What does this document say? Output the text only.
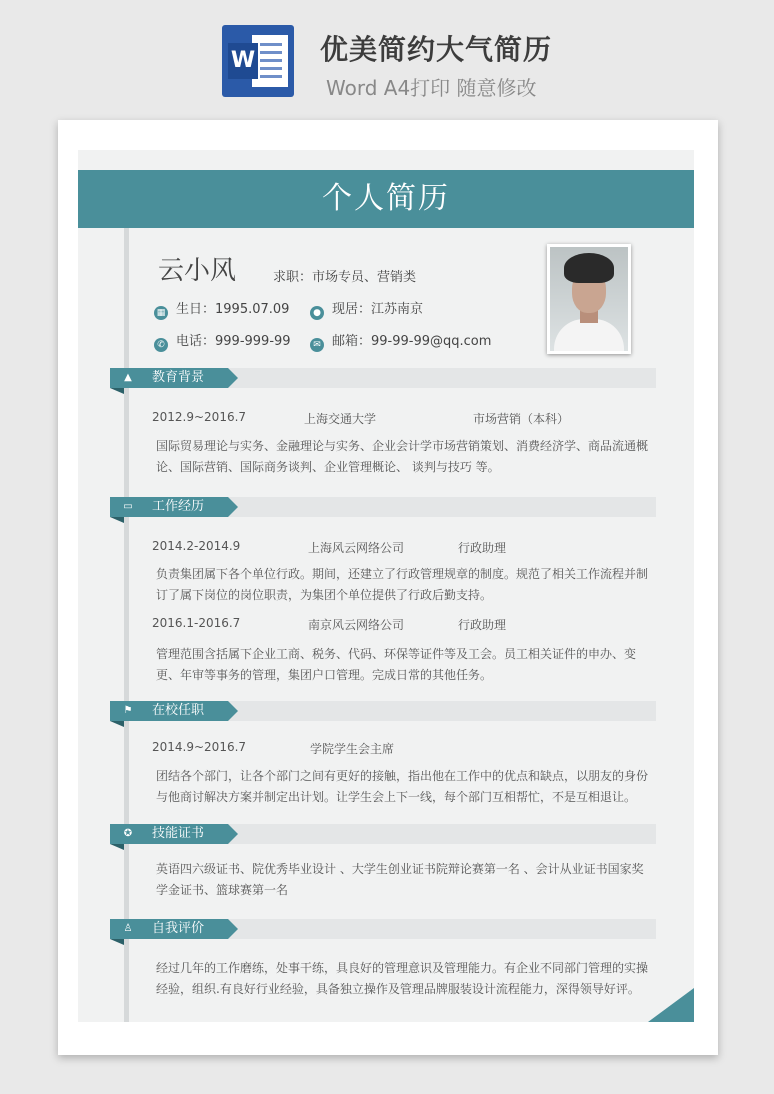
W 优美简约大气简历
Word A4打印 随意修改
个人简历
云小风	求职：市场专员、营销类
▦ 生日：1995.07.09	● 现居：江苏南京
✆ 电话：999-999-99	✉ 邮箱：99-99-99@qq.com
▲ 教育背景
2012.9~2016.7	上海交通大学	市场营销（本科）
国际贸易理论与实务、金融理论与实务、企业会计学市场营销策划、消费经济学、商品流通概论、国际营销、国际商务谈判、企业管理概论、 谈判与技巧 等。
▭ 工作经历
2014.2-2014.9	上海风云网络公司	行政助理
负责集团属下各个单位行政。期间，还建立了行政管理规章的制度。规范了相关工作流程并制订了属下岗位的岗位职责，为集团个单位提供了行政后勤支持。
2016.1-2016.7	南京风云网络公司	行政助理
管理范围含括属下企业工商、税务、代码、环保等证件等及工会。员工相关证件的申办、变更、年审等事务的管理，集团户口管理。完成日常的其他任务。
⚑ 在校任职
2014.9~2016.7	学院学生会主席
团结各个部门，让各个部门之间有更好的接触，指出他在工作中的优点和缺点，以朋友的身份与他商讨解决方案并制定出计划。让学生会上下一线，每个部门互相帮忙，不是互相退让。
✪ 技能证书
英语四六级证书、院优秀毕业设计 、大学生创业证书院辩论赛第一名 、会计从业证书国家奖学金证书、篮球赛第一名
♙ 自我评价
经过几年的工作磨练，处事干练，具良好的管理意识及管理能力。有企业不同部门管理的实操经验，组织.有良好行业经验，具备独立操作及管理品牌服装设计流程能力，深得领导好评。
